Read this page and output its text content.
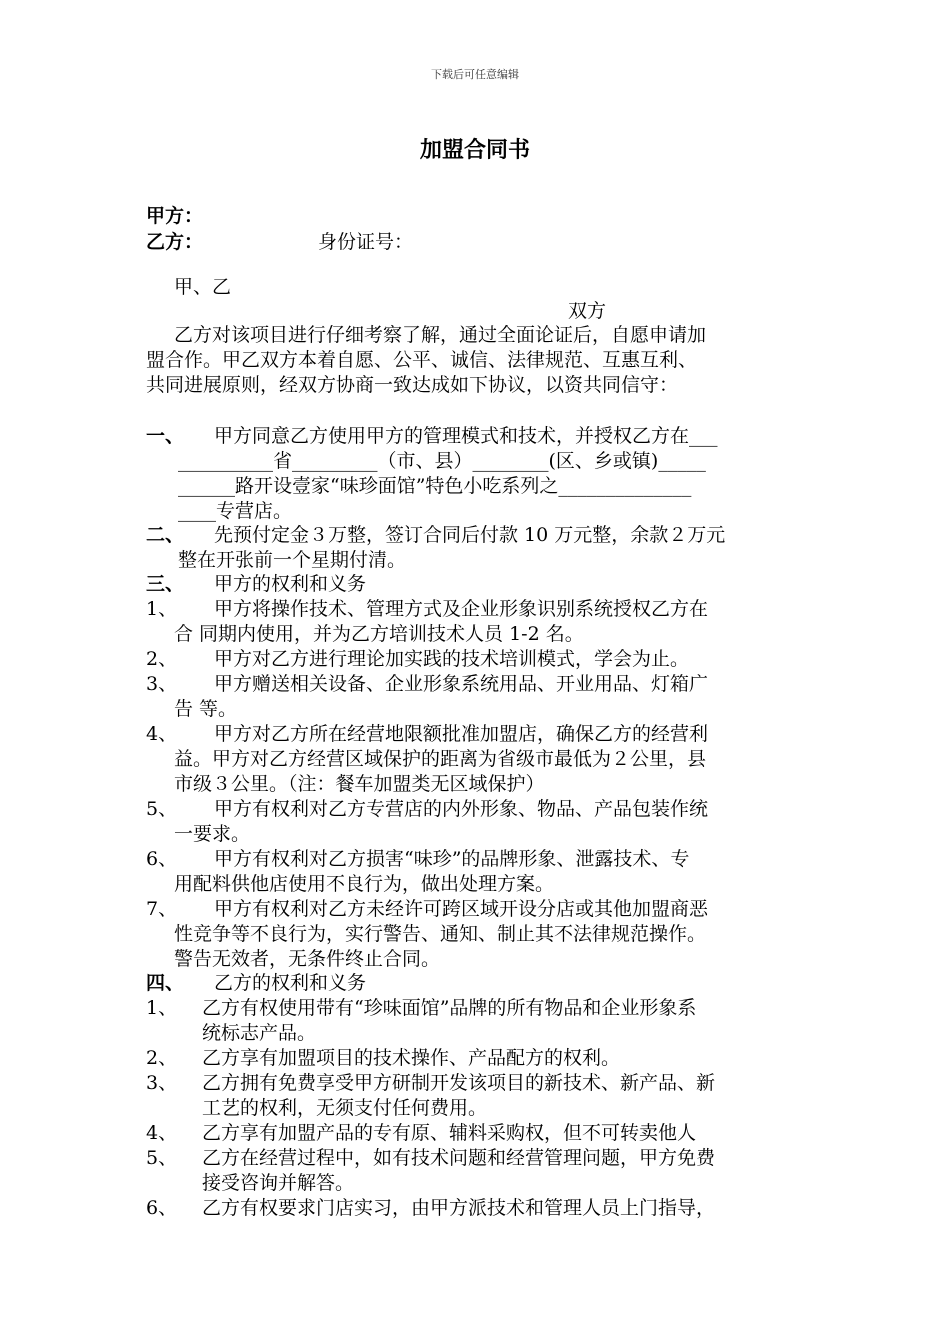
下载后可任意编辑
加盟合同书
甲方：
乙方：	身份证号：
甲、乙
双方
乙方对该项目进行仔细考察了解，通过全面论证后，自愿申请加
盟合作。甲乙双方本着自愿、公平、诚信、法律规范、互惠互利、
共同进展原则，经双方协商一致达成如下协议，以资共同信守：
一、	甲方同意乙方使用甲方的管理模式和技术，并授权乙方在___
__________省_________（市、县）________(区、乡或镇)_____
______路开设壹家“味珍面馆”特色小吃系列之______________
____专营店。
二、	先预付定金３万整，签订合同后付款 10 万元整，余款２万元
整在开张前一个星期付清。
三、 甲方的权利和义务
1、	甲方将操作技术、管理方式及企业形象识别系统授权乙方在
合 同期内使用，并为乙方培训技术人员 1-2 名。
2、	甲方对乙方进行理论加实践的技术培训模式，学会为止。
3、	甲方赠送相关设备、企业形象系统用品、开业用品、灯箱广
告 等。
4、	甲方对乙方所在经营地限额批准加盟店，确保乙方的经营利
益。甲方对乙方经营区域保护的距离为省级市最低为２公里，县
市级３公里。（注：餐车加盟类无区域保护）
5、	甲方有权利对乙方专营店的内外形象、物品、产品包装作统
一要求。
6、	甲方有权利对乙方损害“味珍”的品牌形象、泄露技术、专
用配料供他店使用不良行为，做出处理方案。
7、	甲方有权利对乙方未经许可跨区域开设分店或其他加盟商恶
性竞争等不良行为，实行警告、通知、制止其不法律规范操作。
警告无效者，无条件终止合同。
四、 乙方的权利和义务
1、	乙方有权使用带有“珍味面馆”品牌的所有物品和企业形象系
统标志产品。
2、	乙方享有加盟项目的技术操作、产品配方的权利。
3、	乙方拥有免费享受甲方研制开发该项目的新技术、新产品、新
工艺的权利，无须支付任何费用。
4、	乙方享有加盟产品的专有原、辅料采购权，但不可转卖他人
5、	乙方在经营过程中，如有技术问题和经营管理问题，甲方免费
接受咨询并解答。
6、	乙方有权要求门店实习，由甲方派技术和管理人员上门指导，
